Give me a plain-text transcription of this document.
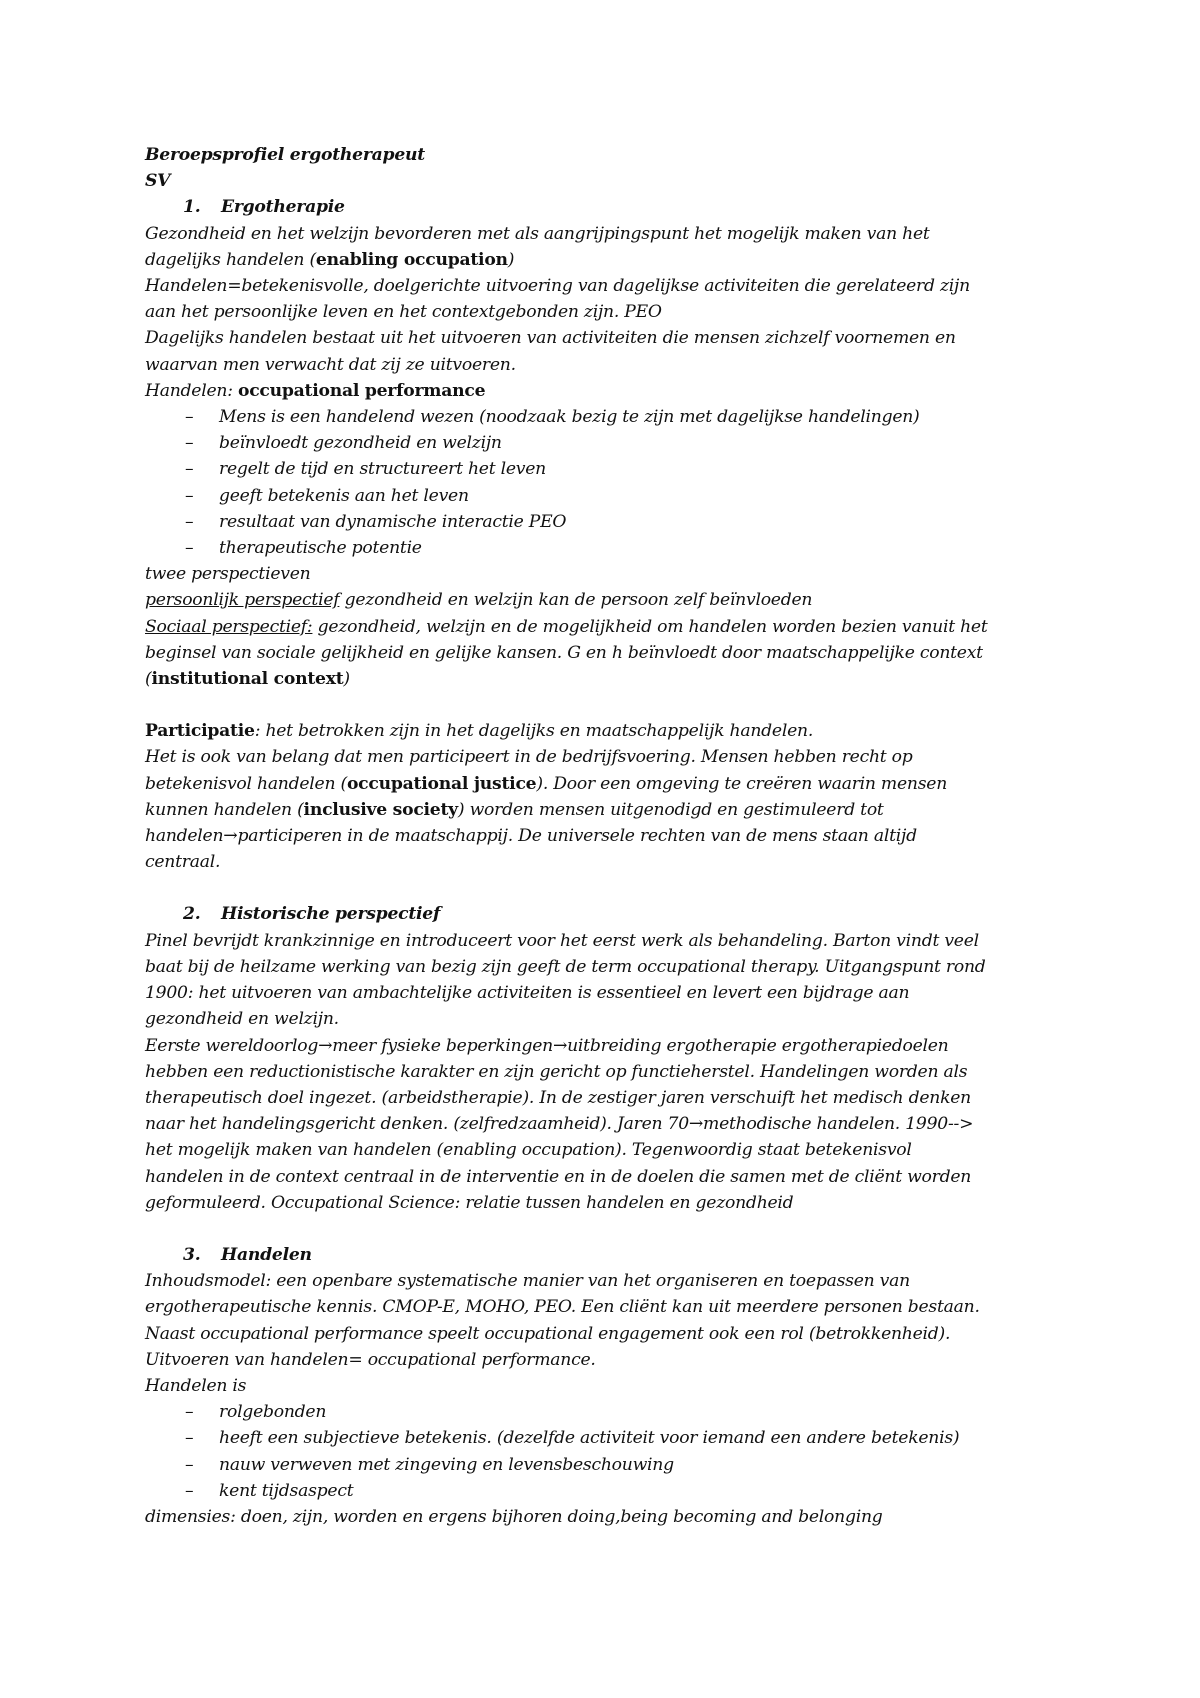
Beroepsprofiel ergotherapeut
SV
1. Ergotherapie
Gezondheid en het welzijn bevorderen met als aangrijpingspunt het mogelijk maken van het
dagelijks handelen (enabling occupation)
Handelen=betekenisvolle, doelgerichte uitvoering van dagelijkse activiteiten die gerelateerd zijn
aan het persoonlijke leven en het contextgebonden zijn. PEO
Dagelijks handelen bestaat uit het uitvoeren van activiteiten die mensen zichzelf voornemen en
waarvan men verwacht dat zij ze uitvoeren.
Handelen: occupational performance
– Mens is een handelend wezen (noodzaak bezig te zijn met dagelijkse handelingen)
– beïnvloedt gezondheid en welzijn
– regelt de tijd en structureert het leven
– geeft betekenis aan het leven
– resultaat van dynamische interactie PEO
– therapeutische potentie
twee perspectieven
persoonlijk perspectief gezondheid en welzijn kan de persoon zelf beïnvloeden
Sociaal perspectief: gezondheid, welzijn en de mogelijkheid om handelen worden bezien vanuit het
beginsel van sociale gelijkheid en gelijke kansen. G en h beïnvloedt door maatschappelijke context
(institutional context)
Participatie: het betrokken zijn in het dagelijks en maatschappelijk handelen.
Het is ook van belang dat men participeert in de bedrijfsvoering. Mensen hebben recht op
betekenisvol handelen (occupational justice). Door een omgeving te creëren waarin mensen
kunnen handelen (inclusive society) worden mensen uitgenodigd en gestimuleerd tot
handelen→participeren in de maatschappij. De universele rechten van de mens staan altijd
centraal.
2. Historische perspectief
Pinel bevrijdt krankzinnige en introduceert voor het eerst werk als behandeling. Barton vindt veel
baat bij de heilzame werking van bezig zijn geeft de term occupational therapy. Uitgangspunt rond
1900: het uitvoeren van ambachtelijke activiteiten is essentieel en levert een bijdrage aan
gezondheid en welzijn.
Eerste wereldoorlog→meer fysieke beperkingen→uitbreiding ergotherapie ergotherapiedoelen
hebben een reductionistische karakter en zijn gericht op functieherstel. Handelingen worden als
therapeutisch doel ingezet. (arbeidstherapie). In de zestiger jaren verschuift het medisch denken
naar het handelingsgericht denken. (zelfredzaamheid). Jaren 70→methodische handelen. 1990-->
het mogelijk maken van handelen (enabling occupation). Tegenwoordig staat betekenisvol
handelen in de context centraal in de interventie en in de doelen die samen met de cliënt worden
geformuleerd. Occupational Science: relatie tussen handelen en gezondheid
3. Handelen
Inhoudsmodel: een openbare systematische manier van het organiseren en toepassen van
ergotherapeutische kennis. CMOP-E, MOHO, PEO. Een cliënt kan uit meerdere personen bestaan.
Naast occupational performance speelt occupational engagement ook een rol (betrokkenheid).
Uitvoeren van handelen= occupational performance.
Handelen is
– rolgebonden
– heeft een subjectieve betekenis. (dezelfde activiteit voor iemand een andere betekenis)
– nauw verweven met zingeving en levensbeschouwing
– kent tijdsaspect
dimensies: doen, zijn, worden en ergens bijhoren doing,being becoming and belonging
